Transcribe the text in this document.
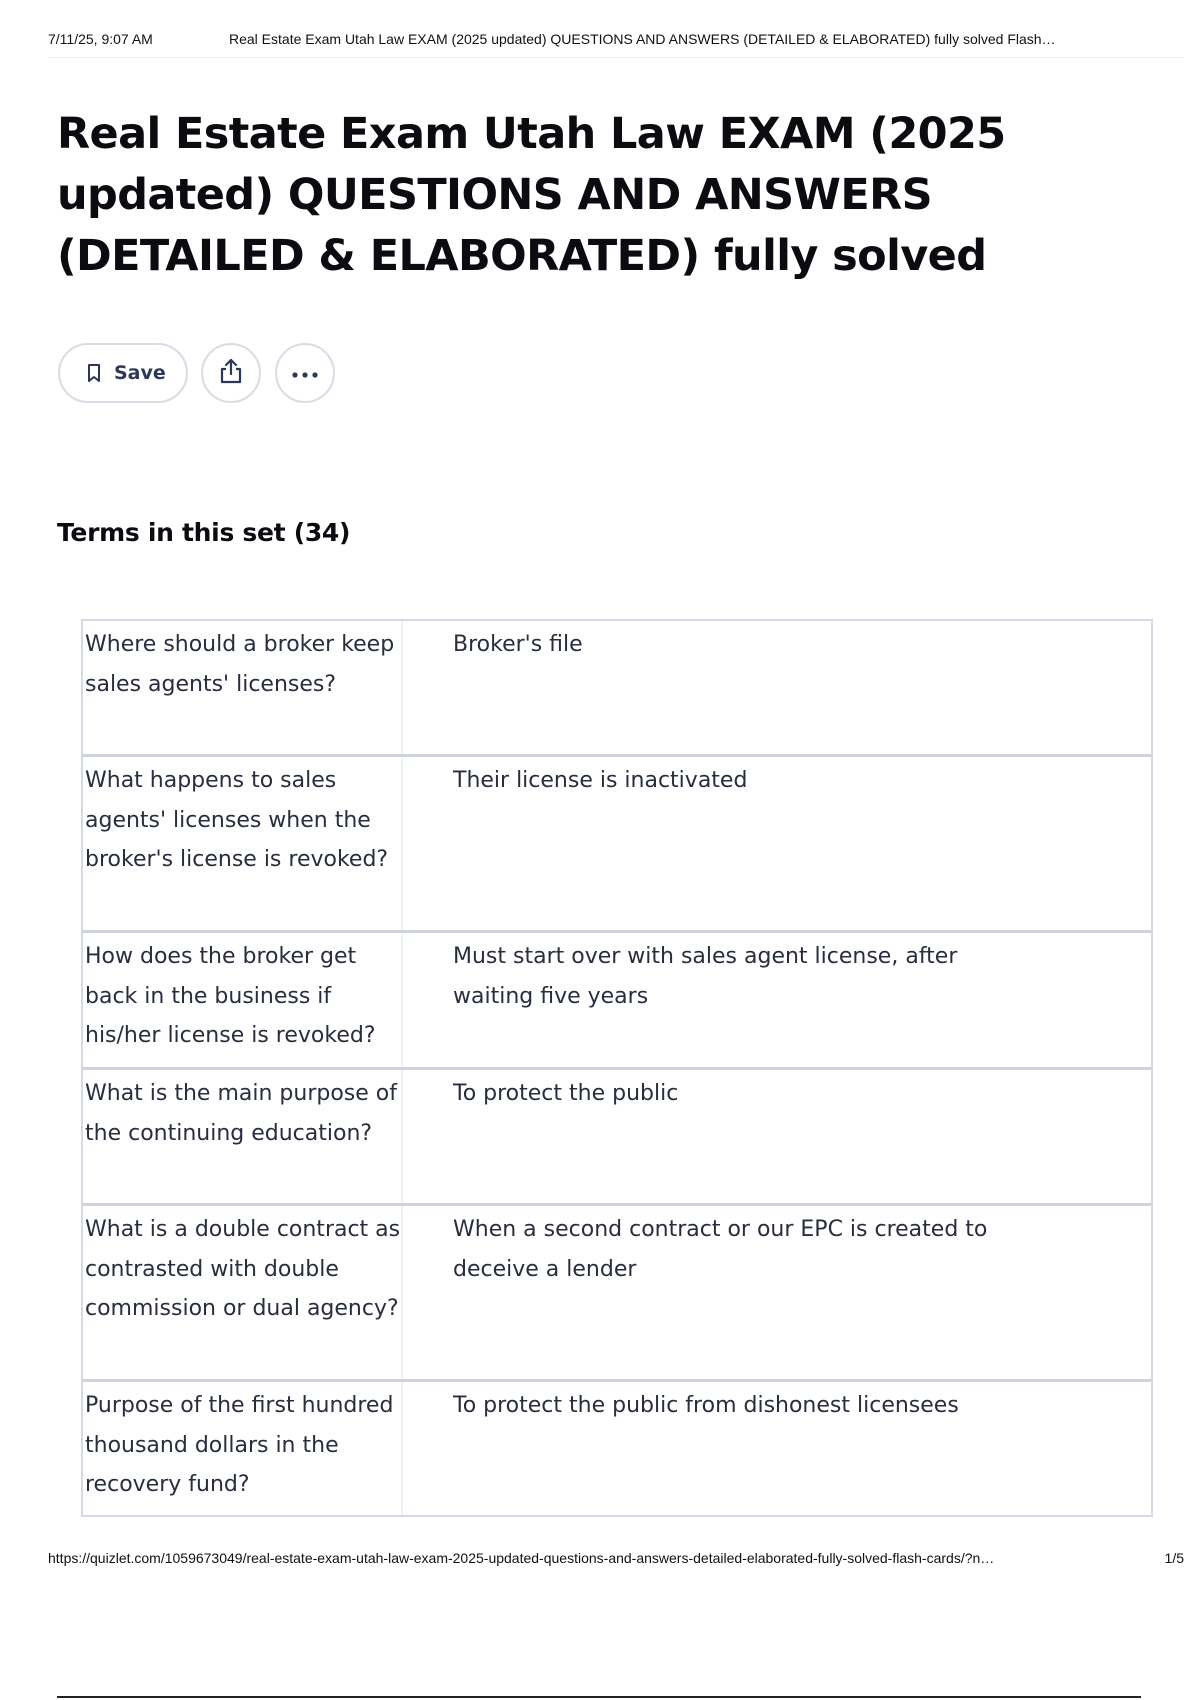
7/11/25, 9:07 AM	Real Estate Exam Utah Law EXAM (2025 updated) QUESTIONS AND ANSWERS (DETAILED & ELABORATED) fully solved Flash…
Real Estate Exam Utah Law EXAM (2025 updated) QUESTIONS AND ANSWERS (DETAILED & ELABORATED) fully solved
Save
Terms in this set (34)
Where should a broker keep sales agents' licenses?
Broker's file
What happens to sales agents' licenses when the broker's license is revoked?
Their license is inactivated
How does the broker get back in the business if his/her license is revoked?
Must start over with sales agent license, after waiting five years
What is the main purpose of the continuing education?
To protect the public
What is a double contract as contrasted with double commission or dual agency?
When a second contract or our EPC is created to deceive a lender
Purpose of the first hundred thousand dollars in the recovery fund?
To protect the public from dishonest licensees
https://quizlet.com/1059673049/real-estate-exam-utah-law-exam-2025-updated-questions-and-answers-detailed-elaborated-fully-solved-flash-cards/?n…	1/5
